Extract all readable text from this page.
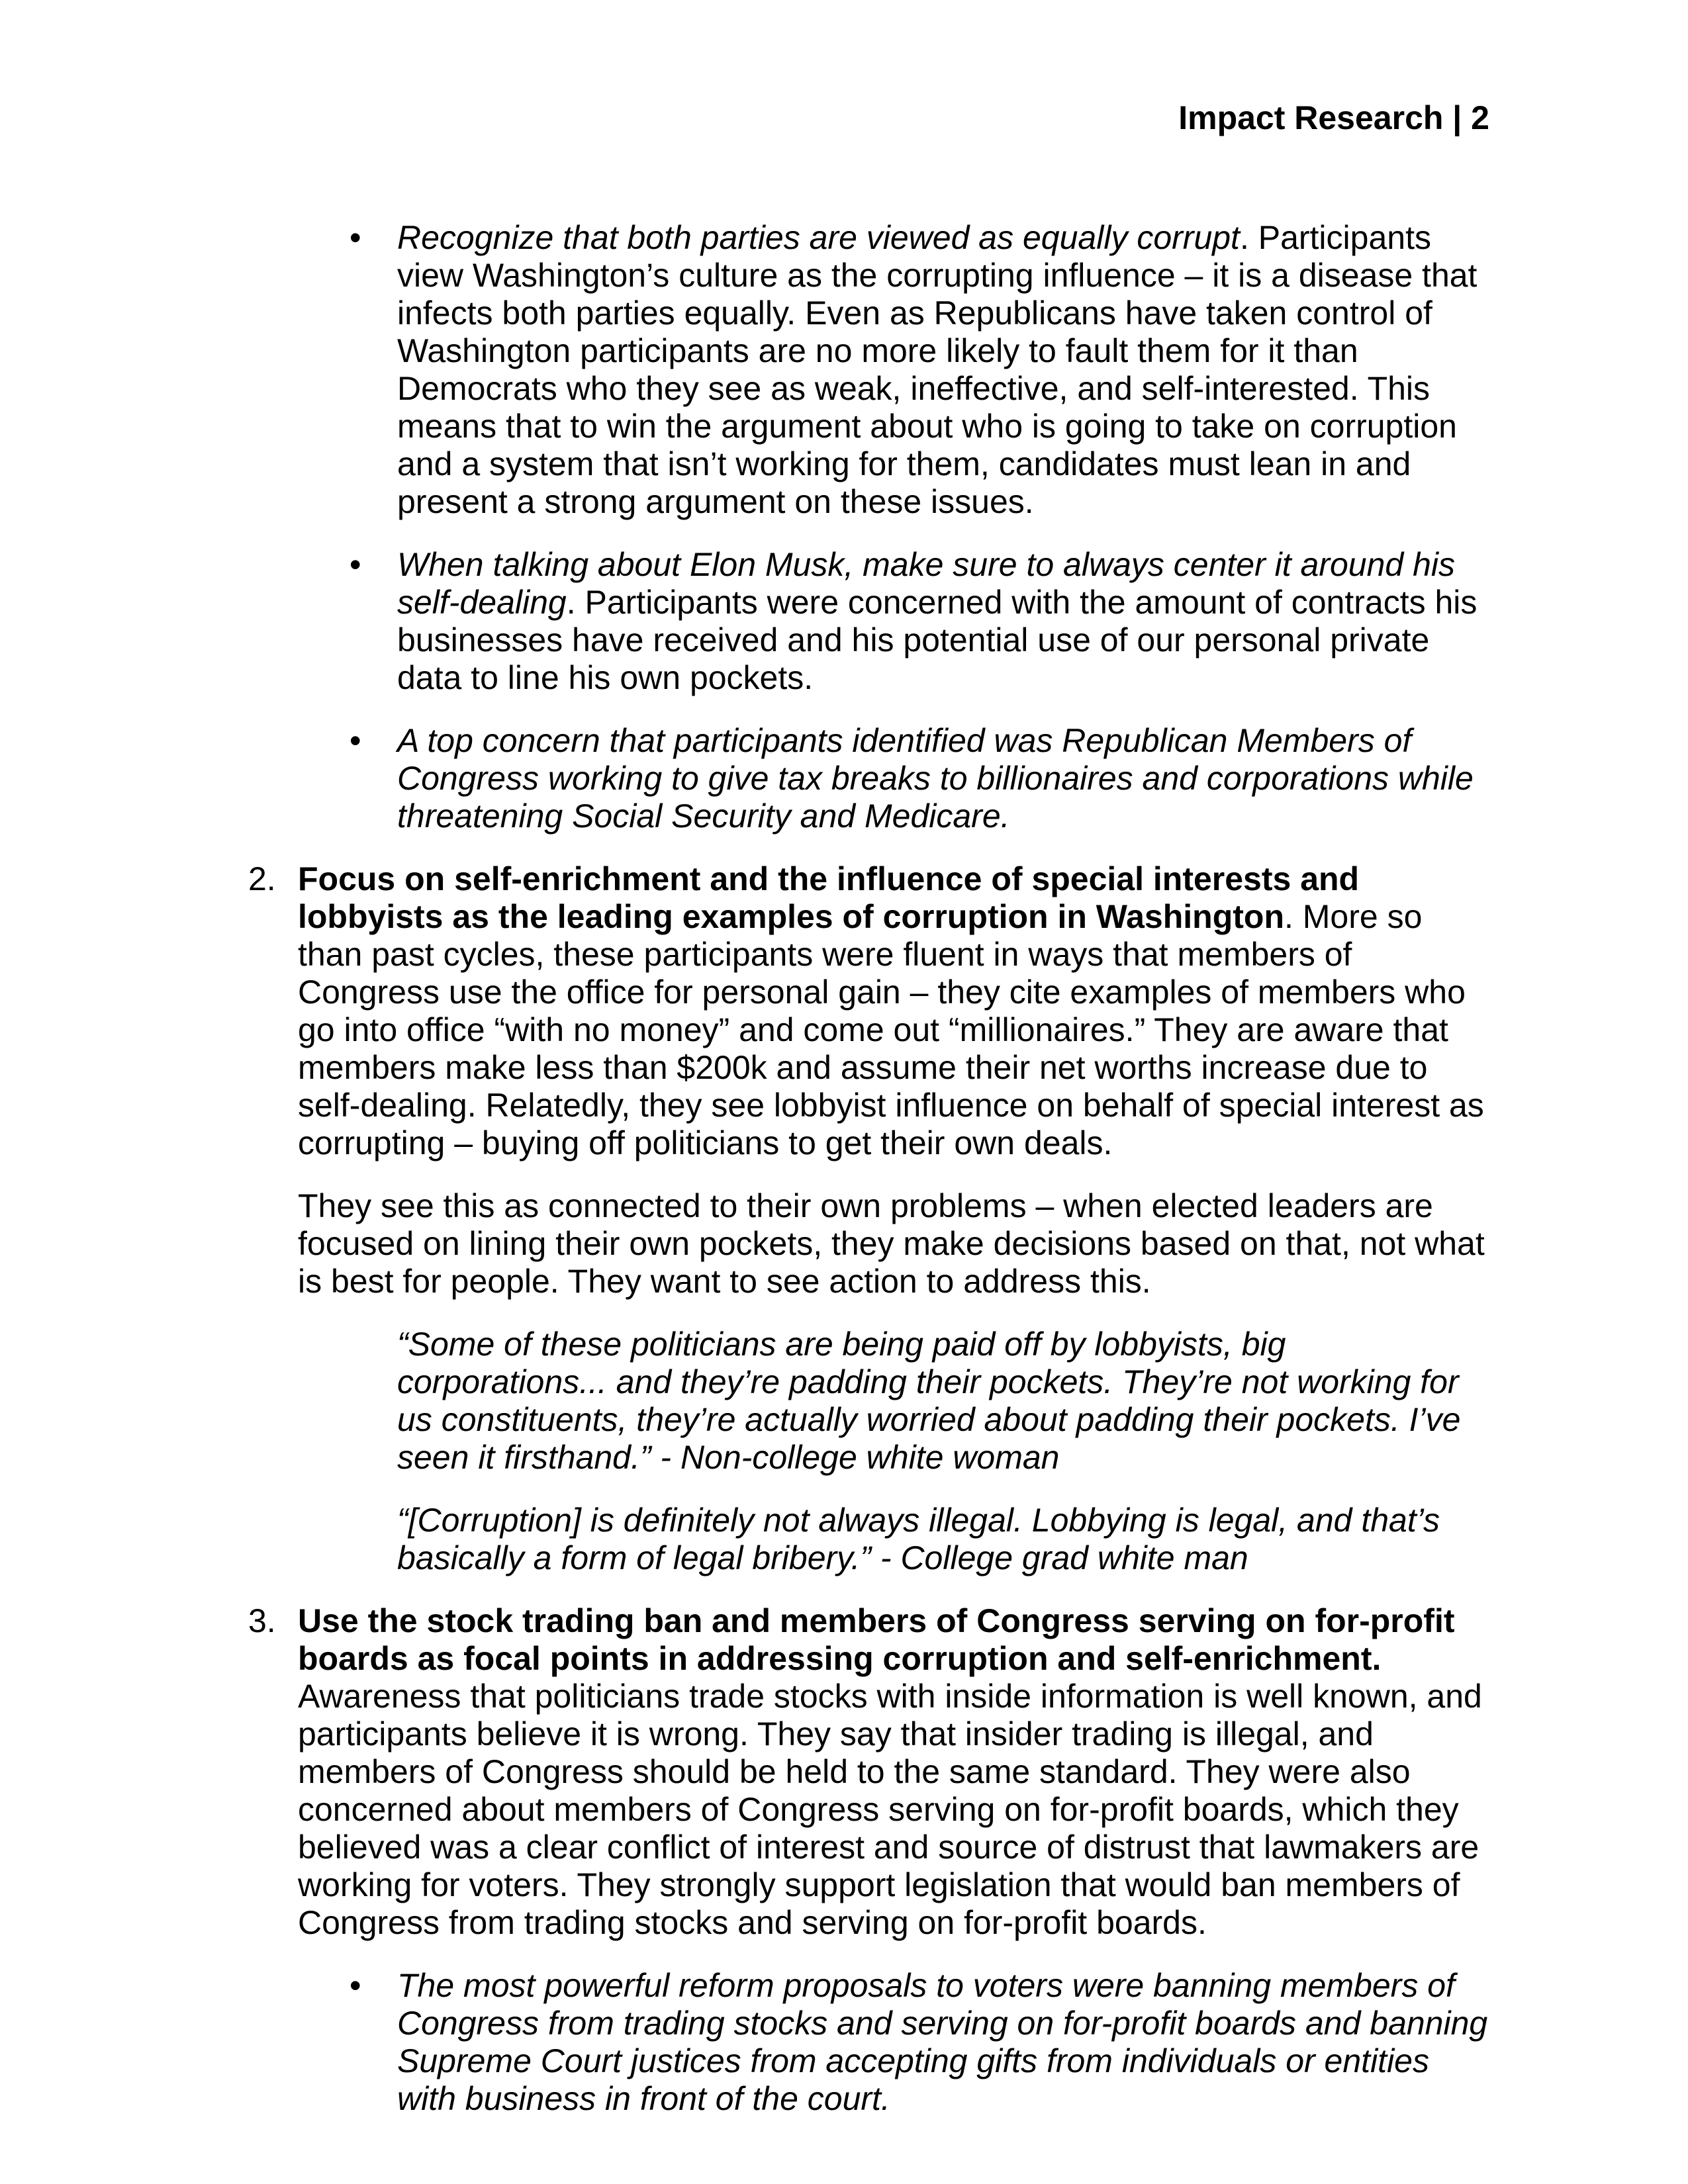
Impact Research | 2
• Recognize that both parties are viewed as equally corrupt. Participants view Washington’s culture as the corrupting influence – it is a disease that infects both parties equally. Even as Republicans have taken control of Washington participants are no more likely to fault them for it than Democrats who they see as weak, ineffective, and self-interested. This means that to win the argument about who is going to take on corruption and a system that isn’t working for them, candidates must lean in and present a strong argument on these issues.
• When talking about Elon Musk, make sure to always center it around his self-dealing. Participants were concerned with the amount of contracts his businesses have received and his potential use of our personal private data to line his own pockets.
• A top concern that participants identified was Republican Members of Congress working to give tax breaks to billionaires and corporations while threatening Social Security and Medicare.
2. Focus on self-enrichment and the influence of special interests and lobbyists as the leading examples of corruption in Washington. More so than past cycles, these participants were fluent in ways that members of Congress use the office for personal gain – they cite examples of members who go into office “with no money” and come out “millionaires.” They are aware that members make less than $200k and assume their net worths increase due to self-dealing. Relatedly, they see lobbyist influence on behalf of special interest as corrupting – buying off politicians to get their own deals.
They see this as connected to their own problems – when elected leaders are focused on lining their own pockets, they make decisions based on that, not what is best for people. They want to see action to address this.
“Some of these politicians are being paid off by lobbyists, big corporations... and they’re padding their pockets. They’re not working for us constituents, they’re actually worried about padding their pockets. I’ve seen it firsthand.” - Non-college white woman
“[Corruption] is definitely not always illegal. Lobbying is legal, and that’s basically a form of legal bribery.” - College grad white man
3. Use the stock trading ban and members of Congress serving on for-profit boards as focal points in addressing corruption and self-enrichment. Awareness that politicians trade stocks with inside information is well known, and participants believe it is wrong. They say that insider trading is illegal, and members of Congress should be held to the same standard. They were also concerned about members of Congress serving on for-profit boards, which they believed was a clear conflict of interest and source of distrust that lawmakers are working for voters. They strongly support legislation that would ban members of Congress from trading stocks and serving on for-profit boards.
• The most powerful reform proposals to voters were banning members of Congress from trading stocks and serving on for-profit boards and banning Supreme Court justices from accepting gifts from individuals or entities with business in front of the court.
